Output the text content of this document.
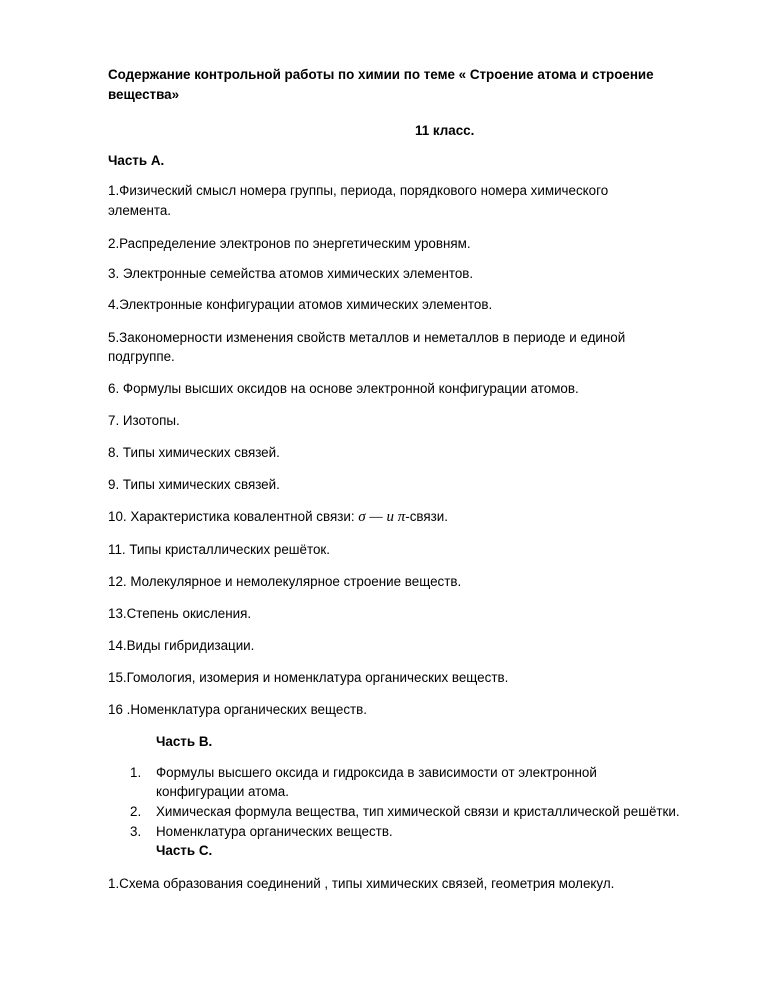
Содержание контрольной работы по химии по теме « Строение атома и строение
вещества»
11 класс.
Часть А.
1.Физический смысл номера группы, периода, порядкового номера химического
элемента.
2.Распределение электронов по энергетическим уровням.
3. Электронные семейства атомов химических элементов.
4.Электронные конфигурации атомов химических элементов.
5.Закономерности изменения свойств металлов и неметаллов в периоде и единой
подгруппе.
6. Формулы высших оксидов на основе электронной конфигурации атомов.
7. Изотопы.
8. Типы химических связей.
9. Типы химических связей.
10. Характеристика ковалентной связи: σ — и π-связи.
11. Типы кристаллических решёток.
12. Молекулярное и немолекулярное строение веществ.
13.Степень окисления.
14.Виды гибридизации.
15.Гомология, изомерия и номенклатура органических веществ.
16 .Номенклатура органических веществ.
Часть В.
1. Формулы высшего оксида и гидроксида в зависимости от электронной
конфигурации атома.
2. Химическая формула вещества, тип химической связи и кристаллической решётки.
3. Номенклатура органических веществ.
Часть С.
1.Схема образования соединений , типы химических связей, геометрия молекул.
